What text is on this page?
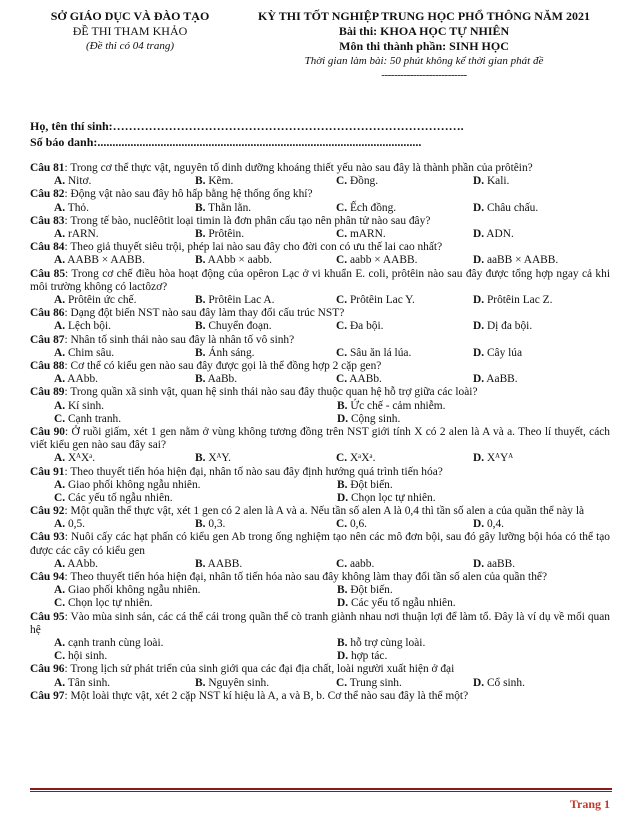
SỞ GIÁO DỤC VÀ ĐÀO TẠO
ĐỀ THI THAM KHẢO
(Đề thi có 04 trang)
KỲ THI TỐT NGHIỆP TRUNG HỌC PHỔ THÔNG NĂM 2021
Bài thi: KHOA HỌC TỰ NHIÊN
Môn thi thành phần: SINH HỌC
Thời gian làm bài: 50 phút không kể thời gian phát đề
---------------------------
Họ, tên thí sinh:…………………………………………………………………………….
Số báo danh:............................................................................................................
Câu 81: Trong cơ thể thực vật, nguyên tố dinh dưỡng khoáng thiết yếu nào sau đây là thành phần của prôtêin?
A. Nitơ.	B. Kẽm.	C. Đồng.	D. Kali.
Câu 82: Động vật nào sau đây hô hấp bằng hệ thống ống khí?
A. Thỏ.	B. Thằn lằn.	C. Ếch đồng.	D. Châu chấu.
Câu 83: Trong tế bào, nuclêôtit loại timin là đơn phân cấu tạo nên phân tử nào sau đây?
A. rARN.	B. Prôtêin.	C. mARN.	D. ADN.
Câu 84: Theo giả thuyết siêu trội, phép lai nào sau đây cho đời con có ưu thế lai cao nhất?
A. AABB × AABB.	B. AAbb × aabb.	C. aabb × AABB.	D. aaBB × AABB.
Câu 85: Trong cơ chế điều hòa hoạt động của opêron Lạc ở vi khuẩn E. coli, prôtêin nào sau đây được tổng hợp ngay cả khi môi trường không có lactôzơ?
A. Prôtêin ức chế.	B. Prôtêin Lac A.	C. Prôtêin Lac Y.	D. Prôtêin Lac Z.
Câu 86: Dạng đột biến NST nào sau đây làm thay đổi cấu trúc NST?
A. Lệch bội.	B. Chuyển đoạn.	C. Đa bội.	D. Dị đa bội.
Câu 87: Nhân tố sinh thái nào sau đây là nhân tố vô sinh?
A. Chim sâu.	B. Ánh sáng.	C. Sâu ăn lá lúa.	D. Cây lúa
Câu 88: Cơ thể có kiểu gen nào sau đây được gọi là thể đồng hợp 2 cặp gen?
A. AAbb.	B. AaBb.	C. AABb.	D. AaBB.
Câu 89: Trong quần xã sinh vật, quan hệ sinh thái nào sau đây thuộc quan hệ hỗ trợ giữa các loài?
A. Kí sinh.	B. Ức chế - cảm nhiễm.
C. Cạnh tranh.	D. Cộng sinh.
Câu 90: Ở ruồi giấm, xét 1 gen nằm ở vùng không tương đồng trên NST giới tính X có 2 alen là A và a. Theo lí thuyết, cách viết kiểu gen nào sau đây sai?
A. XᴬXᵃ.	B. XᴬY.	C. XᵃXᵃ.	D. XᴬYᴬ
Câu 91: Theo thuyết tiến hóa hiện đại, nhân tố nào sau đây định hướng quá trình tiến hóa?
A. Giao phối không ngẫu nhiên.	B. Đột biến.
C. Các yếu tố ngẫu nhiên.	D. Chọn lọc tự nhiên.
Câu 92: Một quần thể thực vật, xét 1 gen có 2 alen là A và a. Nếu tần số alen A là 0,4 thì tần số alen a của quần thể này là
A. 0,5.	B. 0,3.	C. 0,6.	D. 0,4.
Câu 93: Nuôi cấy các hạt phấn có kiểu gen Ab trong ống nghiệm tạo nên các mô đơn bội, sau đó gây lưỡng bội hóa có thể tạo được các cây có kiểu gen
A. AAbb.	B. AABB.	C. aabb.	D. aaBB.
Câu 94: Theo thuyết tiến hóa hiện đại, nhân tố tiến hóa nào sau đây không làm thay đổi tần số alen của quần thể?
A. Giao phối không ngẫu nhiên.	B. Đột biến.
C. Chọn lọc tự nhiên.	D. Các yếu tố ngẫu nhiên.
Câu 95: Vào mùa sinh sản, các cá thể cái trong quần thể cò tranh giành nhau nơi thuận lợi để làm tổ. Đây là ví dụ về mối quan hệ
A. cạnh tranh cùng loài.	B. hỗ trợ cùng loài.
C. hội sinh.	D. hợp tác.
Câu 96: Trong lịch sử phát triển của sinh giới qua các đại địa chất, loài người xuất hiện ở đại
A. Tân sinh.	B. Nguyên sinh.	C. Trung sinh.	D. Cổ sinh.
Câu 97: Một loài thực vật, xét 2 cặp NST kí hiệu là A, a và B, b. Cơ thể nào sau đây là thể một?
Trang 1
